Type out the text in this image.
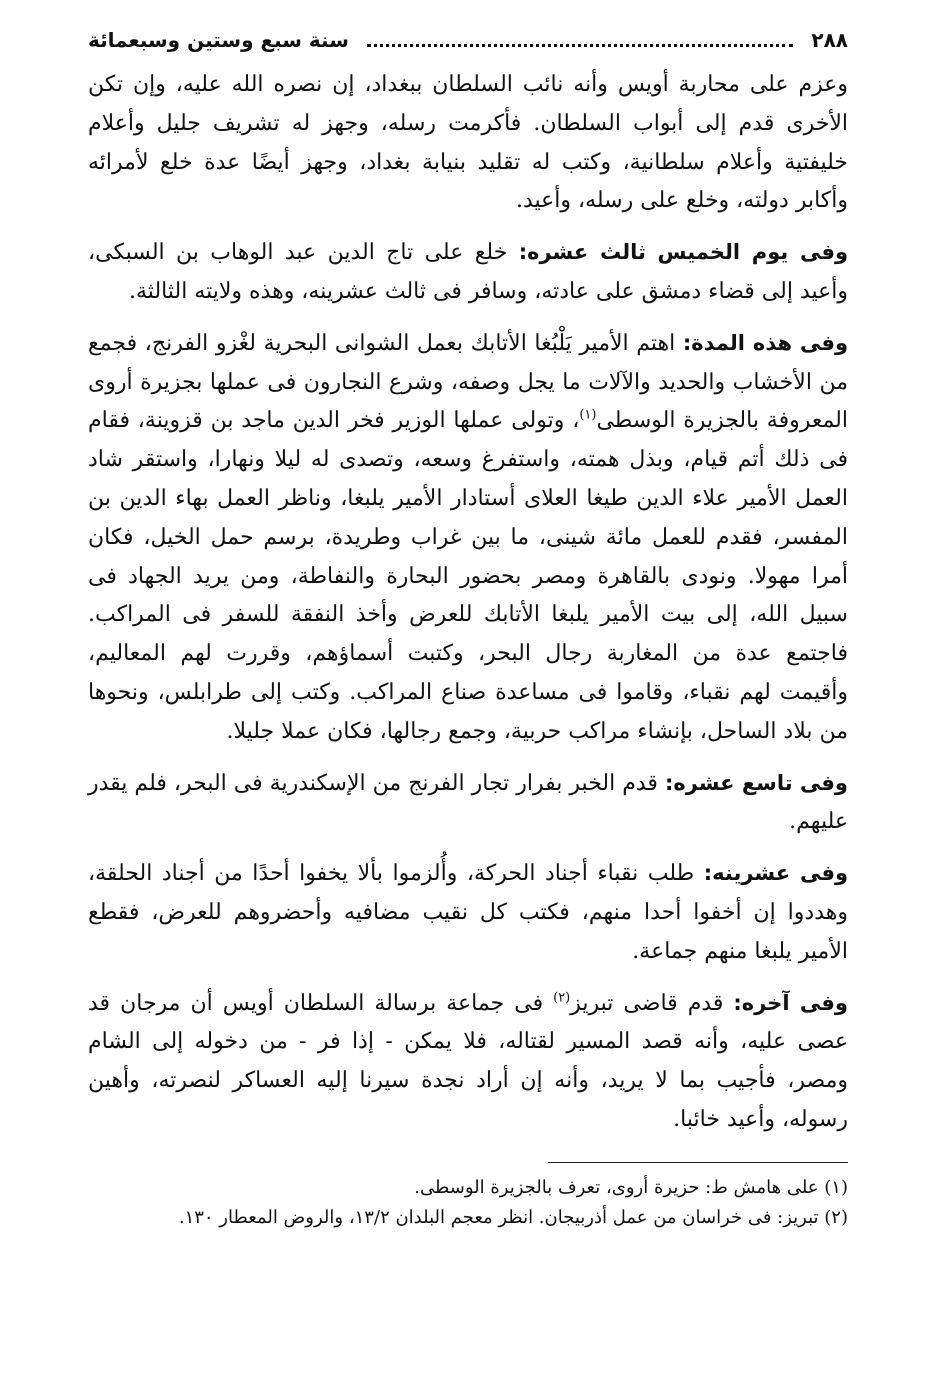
٢٨٨
سنة سبع وستين وسبعمائة

وعزم على محاربة أويس وأنه نائب السلطان ببغداد، إن نصره الله عليه، وإن تكن الأخرى قدم إلى أبواب السلطان. فأكرمت رسله، وجهز له تشريف جليل وأعلام خليفتية وأعلام سلطانية، وكتب له تقليد بنيابة بغداد، وجهز أيضًا عدة خلع لأمرائه وأكابر دولته، وخلع على رسله، وأعيد.

وفى يوم الخميس ثالث عشره: خلع على تاج الدين عبد الوهاب بن السبكى، وأعيد إلى قضاء دمشق على عادته، وسافر فى ثالث عشرينه، وهذه ولايته الثالثة.

وفى هذه المدة: اهتم الأمير يَلْبُغا الأتابك بعمل الشوانى البحرية لغْزو الفرنج، فجمع من الأخشاب والحديد والآلات ما يجل وصفه، وشرع النجارون فى عملها بجزيرة أروى المعروفة بالجزيرة الوسطى$^{(١)}$، وتولى عملها الوزير فخر الدين ماجد بن قزوينة، فقام فى ذلك أتم قيام، وبذل همته، واستفرغ وسعه، وتصدى له ليلا ونهارا، واستقر شاد العمل الأمير علاء الدين طيغا العلاى أستادار الأمير يلبغا، وناظر العمل بهاء الدين بن المفسر، فقدم للعمل مائة شينى، ما بين غراب وطريدة، برسم حمل الخيل، فكان أمرا مهولا. ونودى بالقاهرة ومصر بحضور البحارة والنفاطة، ومن يريد الجهاد فى سبيل الله، إلى بيت الأمير يلبغا الأتابك للعرض وأخذ النفقة للسفر فى المراكب. فاجتمع عدة من المغاربة رجال البحر، وكتبت أسماؤهم، وقررت لهم المعاليم، وأقيمت لهم نقباء، وقاموا فى مساعدة صناع المراكب. وكتب إلى طرابلس، ونحوها من بلاد الساحل، بإنشاء مراكب حربية، وجمع رجالها، فكان عملا جليلا.

وفى تاسع عشره: قدم الخبر بفرار تجار الفرنج من الإسكندرية فى البحر، فلم يقدر عليهم.

وفى عشرينه: طلب نقباء أجناد الحركة، وأُلزموا بألا يخفوا أحدًا من أجناد الحلقة، وهددوا إن أخفوا أحدا منهم، فكتب كل نقيب مضافيه وأحضروهم للعرض، فقطع الأمير يلبغا منهم جماعة.

وفى آخره: قدم قاضى تبريز$^{(٢)}$ فى جماعة برسالة السلطان أويس أن مرجان قد عصى عليه، وأنه قصد المسير لقتاله، فلا يمكن - إذا فر - من دخوله إلى الشام ومصر، فأجيب بما لا يريد، وأنه إن أراد نجدة سيرنا إليه العساكر لنصرته، وأهين رسوله، وأعيد خائبا.

(١) على هامش ط: حزيرة أروى، تعرف بالجزيرة الوسطى.

(٢) تبريز: فى خراسان من عمل أذربيجان. انظر معجم البلدان ٢/‏١٣، والروض المعطار ١٣٠.
